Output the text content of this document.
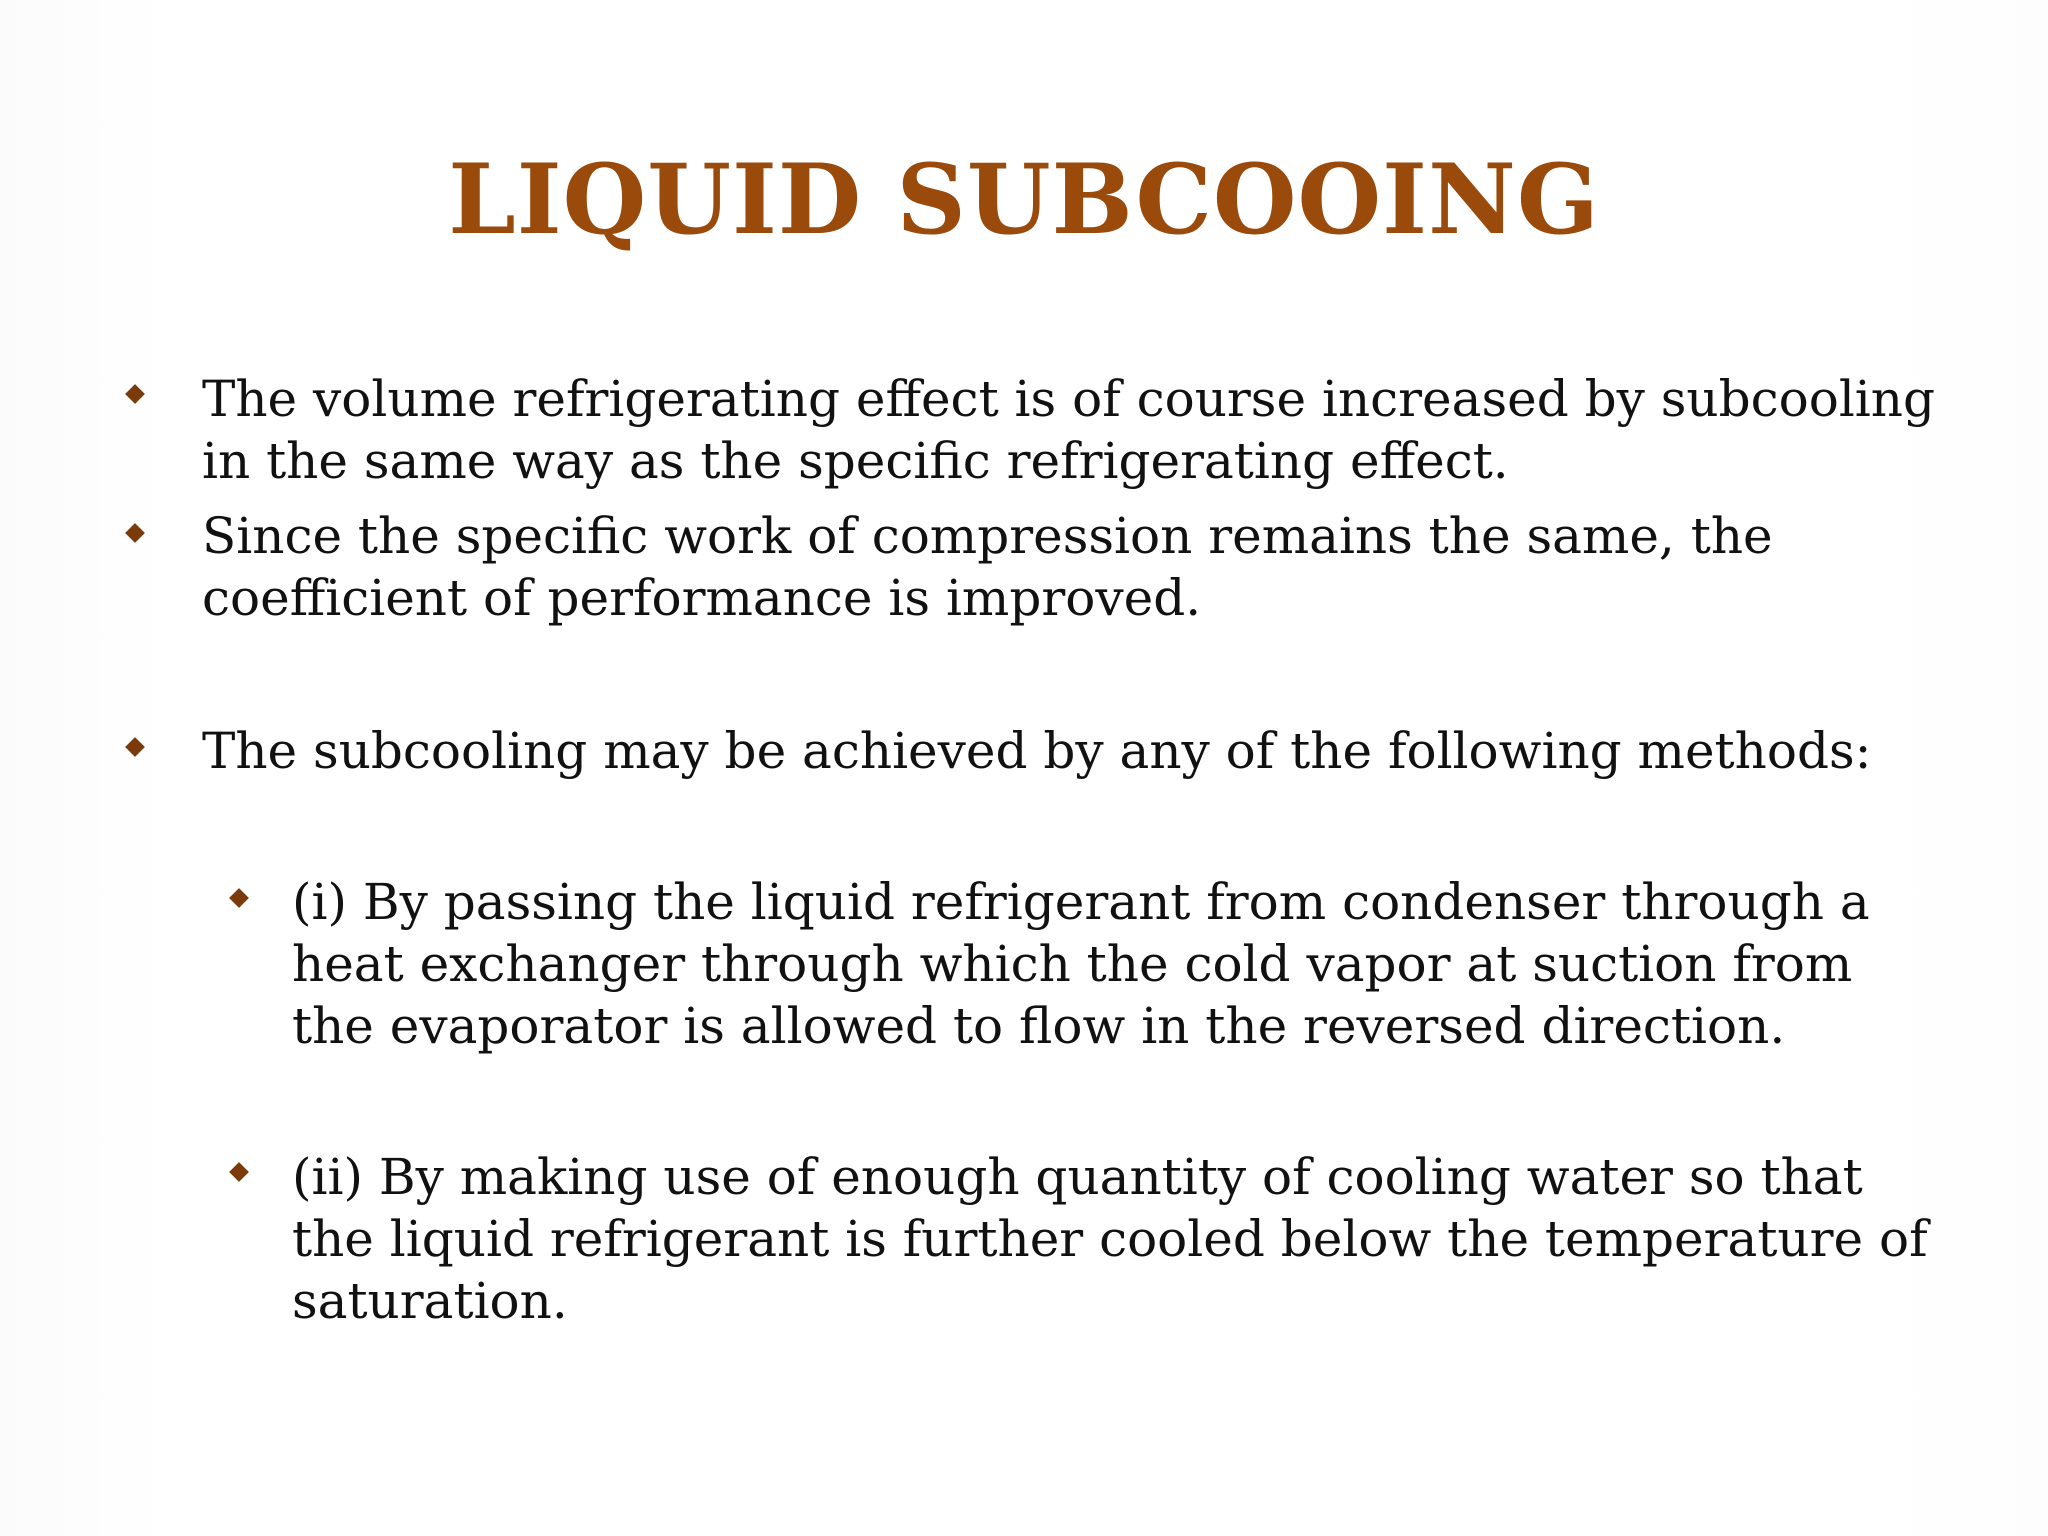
LIQUID SUBCOOING
The volume refrigerating effect is of course increased by subcooling in the same way as the specific refrigerating effect.
Since the specific work of compression remains the same, the coefficient of performance is improved.
The subcooling may be achieved by any of the following methods:
(i) By passing the liquid refrigerant from condenser through a heat exchanger through which the cold vapor at suction from the evaporator is allowed to flow in the reversed direction.
(ii) By making use of enough quantity of cooling water so that the liquid refrigerant is further cooled below the temperature of saturation.
